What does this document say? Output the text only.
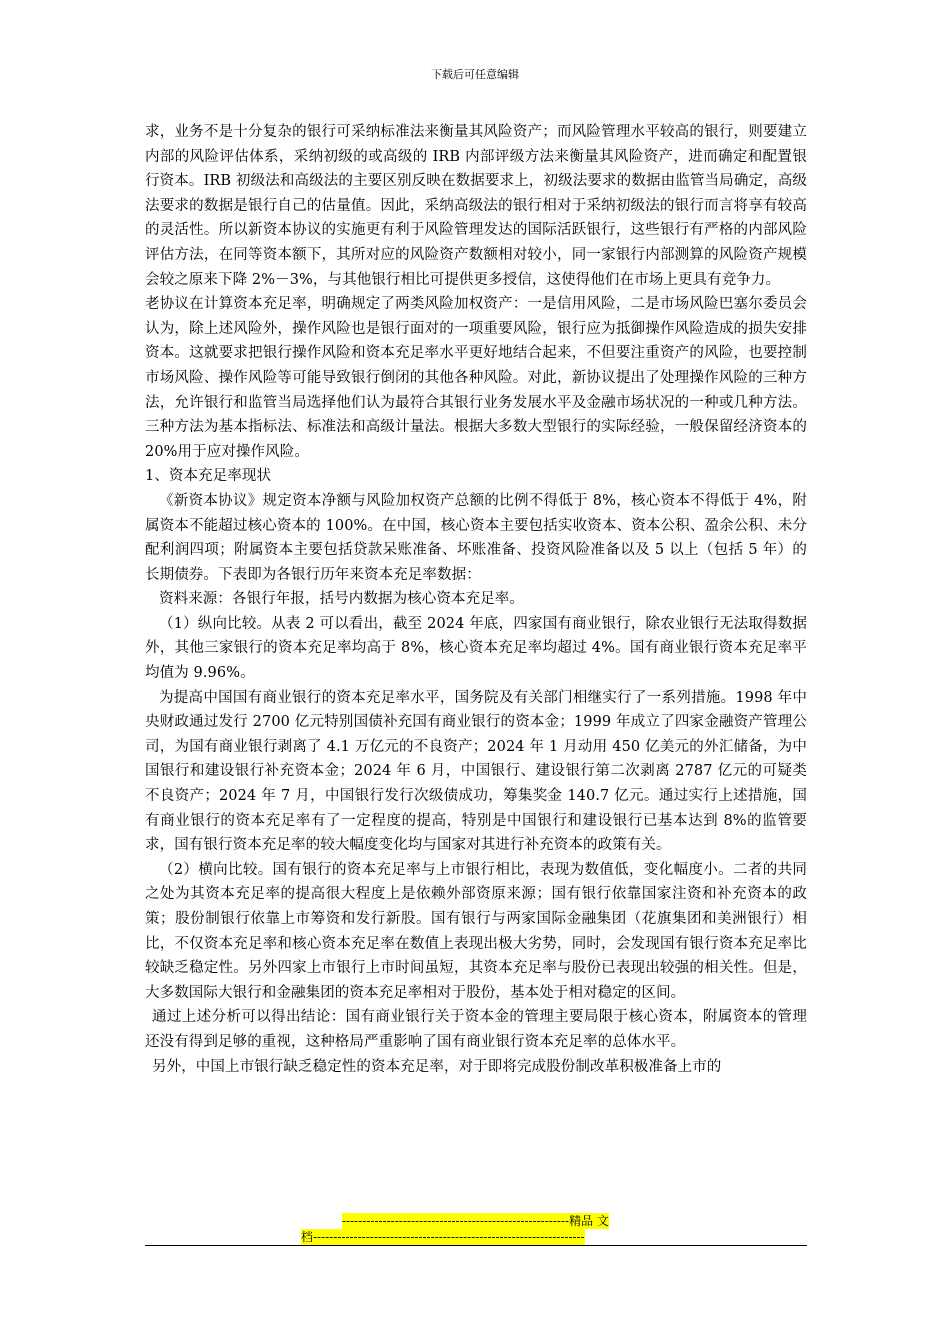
下载后可任意编辑

求，业务不是十分复杂的银行可采纳标准法来衡量其风险资产；而风险管理水平较高的银行，则要建立内部的风险评估体系，采纳初级的或高级的 IRB 内部评级方法来衡量其风险资产，进而确定和配置银行资本。IRB 初级法和高级法的主要区别反映在数据要求上，初级法要求的数据由监管当局确定，高级法要求的数据是银行自己的估量值。因此，采纳高级法的银行相对于采纳初级法的银行而言将享有较高的灵活性。所以新资本协议的实施更有利于风险管理发达的国际活跃银行，这些银行有严格的内部风险评估方法，在同等资本额下，其所对应的风险资产数额相对较小，同一家银行内部测算的风险资产规模会较之原来下降 2%－3%，与其他银行相比可提供更多授信，这使得他们在市场上更具有竞争力。

老协议在计算资本充足率，明确规定了两类风险加权资产：一是信用风险，二是市场风险巴塞尔委员会认为，除上述风险外，操作风险也是银行面对的一项重要风险，银行应为抵御操作风险造成的损失安排资本。这就要求把银行操作风险和资本充足率水平更好地结合起来，不但要注重资产的风险，也要控制市场风险、操作风险等可能导致银行倒闭的其他各种风险。对此，新协议提出了处理操作风险的三种方法，允许银行和监管当局选择他们认为最符合其银行业务发展水平及金融市场状况的一种或几种方法。三种方法为基本指标法、标准法和高级计量法。根据大多数大型银行的实际经验，一般保留经济资本的 20%用于应对操作风险。

1、资本充足率现状

《新资本协议》规定资本净额与风险加权资产总额的比例不得低于 8%，核心资本不得低于 4%，附属资本不能超过核心资本的 100%。在中国，核心资本主要包括实收资本、资本公积、盈余公积、未分配利润四项；附属资本主要包括贷款呆账准备、坏账准备、投资风险准备以及 5 以上（包括 5 年）的长期债券。下表即为各银行历年来资本充足率数据：

资料来源：各银行年报，括号内数据为核心资本充足率。

（1）纵向比较。从表 2 可以看出，截至 2024 年底，四家国有商业银行，除农业银行无法取得数据外，其他三家银行的资本充足率均高于 8%，核心资本充足率均超过 4%。国有商业银行资本充足率平均值为 9.96%。

为提高中国国有商业银行的资本充足率水平，国务院及有关部门相继实行了一系列措施。1998 年中央财政通过发行 2700 亿元特别国债补充国有商业银行的资本金；1999 年成立了四家金融资产管理公司，为国有商业银行剥离了 4.1 万亿元的不良资产；2024 年 1 月动用 450 亿美元的外汇储备，为中国银行和建设银行补充资本金；2024 年 6 月，中国银行、建设银行第二次剥离 2787 亿元的可疑类不良资产；2024 年 7 月，中国银行发行次级债成功，筹集奖金 140.7 亿元。通过实行上述措施，国有商业银行的资本充足率有了一定程度的提高，特别是中国银行和建设银行已基本达到 8%的监管要求，国有银行资本充足率的较大幅度变化均与国家对其进行补充资本的政策有关。

（2）横向比较。国有银行的资本充足率与上市银行相比，表现为数值低，变化幅度小。二者的共同之处为其资本充足率的提高很大程度上是依赖外部资原来源；国有银行依靠国家注资和补充资本的政策；股份制银行依靠上市筹资和发行新股。国有银行与两家国际金融集团（花旗集团和美洲银行）相比，不仅资本充足率和核心资本充足率在数值上表现出极大劣势，同时，会发现国有银行资本充足率比较缺乏稳定性。另外四家上市银行上市时间虽短，其资本充足率与股份已表现出较强的相关性。但是，大多数国际大银行和金融集团的资本充足率相对于股份，基本处于相对稳定的区间。

通过上述分析可以得出结论：国有商业银行关于资本金的管理主要局限于核心资本，附属资本的管理还没有得到足够的重视，这种格局严重影响了国有商业银行资本充足率的总体水平。

另外，中国上市银行缺乏稳定性的资本充足率，对于即将完成股份制改革积极准备上市的

--------------------------------------------------------精品 文
档-------------------------------------------------------------------
